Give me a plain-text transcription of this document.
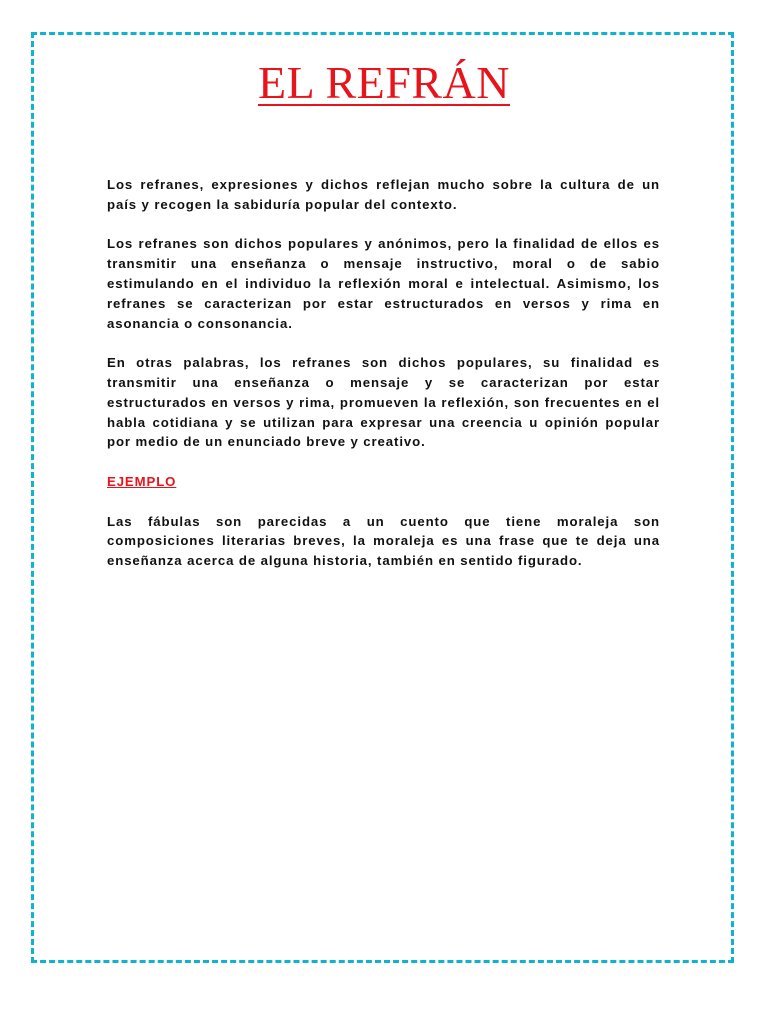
EL REFRÁN

Los refranes, expresiones y dichos reflejan mucho sobre la cultura de un país y recogen la sabiduría popular del contexto.

Los refranes son dichos populares y anónimos, pero la finalidad de ellos es transmitir una enseñanza o mensaje instructivo, moral o de sabio estimulando en el individuo la reflexión moral e intelectual. Asimismo, los refranes se caracterizan por estar estructurados en versos y rima en asonancia o consonancia.

En otras palabras, los refranes son dichos populares, su finalidad es transmitir una enseñanza o mensaje y se caracterizan por estar estructurados en versos y rima, promueven la reflexión, son frecuentes en el habla cotidiana y se utilizan para expresar una creencia u opinión popular por medio de un enunciado breve y creativo.

EJEMPLO

Las fábulas son parecidas a un cuento que tiene moraleja son composiciones literarias breves, la moraleja es una frase que te deja una enseñanza acerca de alguna historia, también en sentido figurado.
